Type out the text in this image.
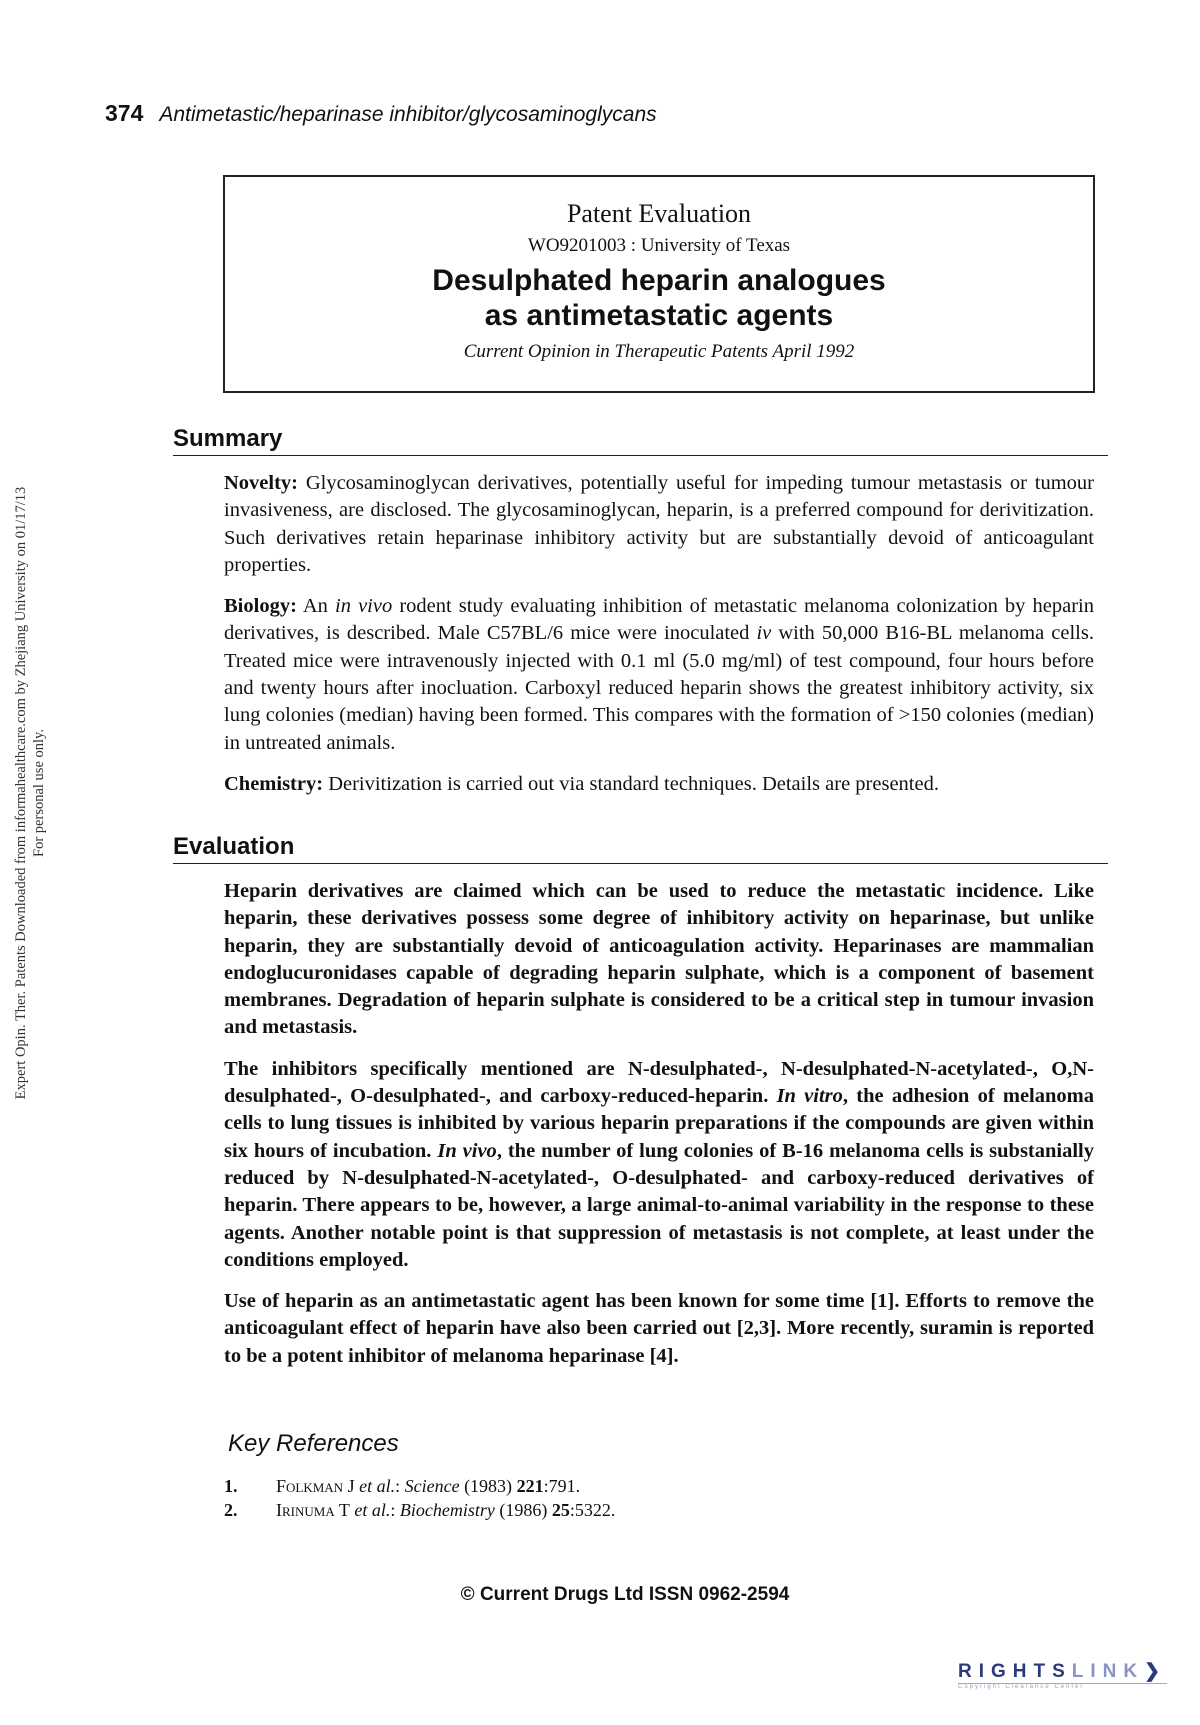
374 Antimetastic/heparinase inhibitor/glycosaminoglycans
Patent Evaluation
WO9201003 : University of Texas
Desulphated heparin analogues
as antimetastatic agents
Current Opinion in Therapeutic Patents April 1992
Summary

Novelty: Glycosaminoglycan derivatives, potentially useful for impeding tumour metastasis or tumour invasiveness, are disclosed. The glycosaminoglycan, heparin, is a preferred compound for derivitization. Such derivatives retain heparinase inhibitory activity but are substantially devoid of anticoagulant properties.

Biology: An in vivo rodent study evaluating inhibition of metastatic melanoma colonization by heparin derivatives, is described. Male C57BL/6 mice were inoculated iv with 50,000 B16-BL melanoma cells. Treated mice were intravenously injected with 0.1 ml (5.0 mg/ml) of test compound, four hours before and twenty hours after inocluation. Carboxyl reduced heparin shows the greatest inhibitory activity, six lung colonies (median) having been formed. This compares with the formation of >150 colonies (median) in untreated animals.

Chemistry: Derivitization is carried out via standard techniques. Details are presented.

Evaluation

Heparin derivatives are claimed which can be used to reduce the metastatic incidence. Like heparin, these derivatives possess some degree of inhibitory activity on heparinase, but unlike heparin, they are substantially devoid of anticoagulation activity. Heparinases are mammalian endoglucuronidases capable of degrading heparin sulphate, which is a component of basement membranes. Degradation of heparin sulphate is considered to be a critical step in tumour invasion and metastasis.

The inhibitors specifically mentioned are N-desulphated-, N-desulphated-N-acetylated-, O,N-desulphated-, O-desulphated-, and carboxy-reduced-heparin. In vitro, the adhesion of melanoma cells to lung tissues is inhibited by various heparin preparations if the compounds are given within six hours of incubation. In vivo, the number of lung colonies of B-16 melanoma cells is substanially reduced by N-desulphated-N-acetylated-, O-desulphated- and carboxy-reduced derivatives of heparin. There appears to be, however, a large animal-to-animal variability in the response to these agents. Another notable point is that suppression of metastasis is not complete, at least under the conditions employed.

Use of heparin as an antimetastatic agent has been known for some time [1]. Efforts to remove the anticoagulant effect of heparin have also been carried out [2,3]. More recently, suramin is reported to be a potent inhibitor of melanoma heparinase [4].

Key References
1. Folkman J et al.: Science (1983) 221:791.
2. Irinuma T et al.: Biochemistry (1986) 25:5322.
© Current Drugs Ltd ISSN 0962-2594
Expert Opin. Ther. Patents Downloaded from informahealthcare.com by Zhejiang University on 01/17/13 For personal use only.
RIGHTSLINK❯
Copyright Clearance Center
